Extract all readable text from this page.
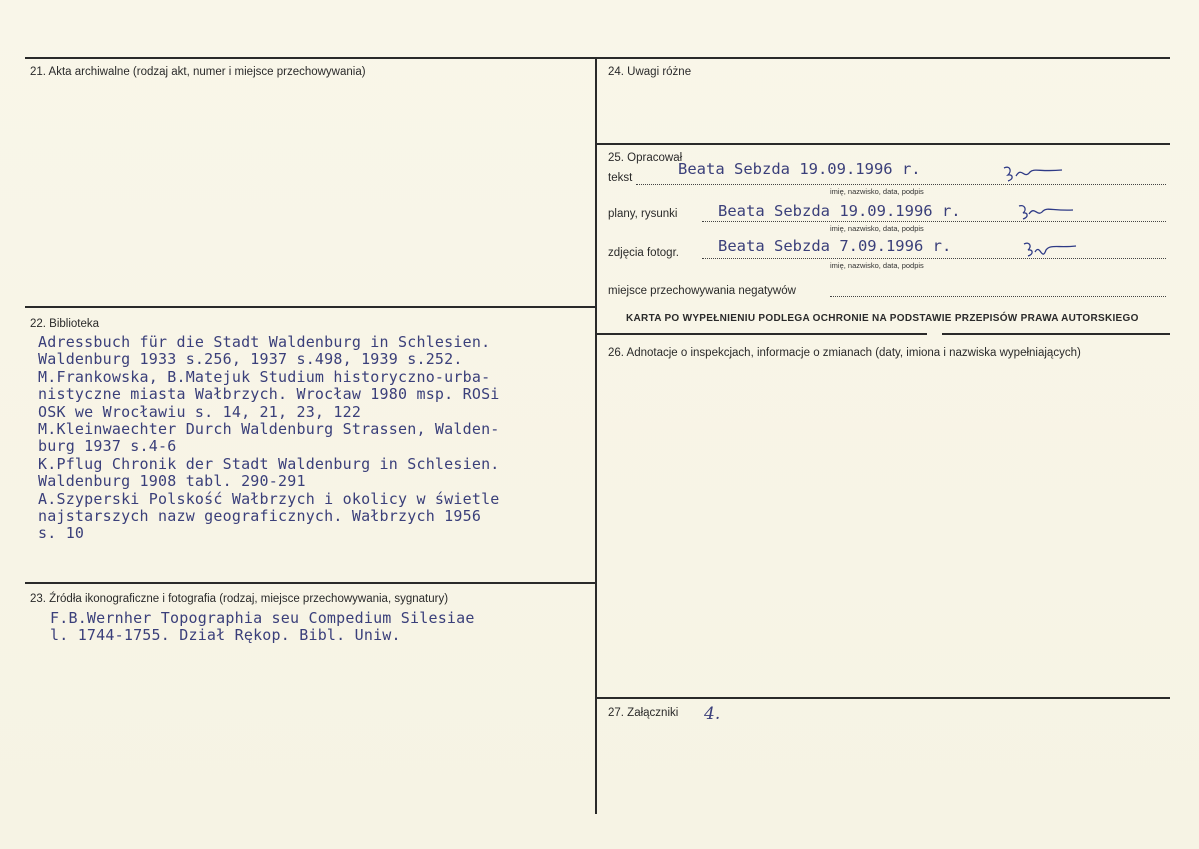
21. Akta archiwalne (rodzaj akt, numer i miejsce przechowywania)
22. Biblioteka
Adressbuch für die Stadt Waldenburg in Schlesien.
Waldenburg 1933 s.256, 1937 s.498, 1939 s.252.
M.Frankowska, B.Matejuk Studium historyczno-urba-
nistyczne miasta Wałbrzych. Wrocław 1980 msp. ROSi
OSK we Wrocławiu s. 14, 21, 23, 122
M.Kleinwaechter Durch Waldenburg Strassen, Walden-
burg 1937 s.4-6
K.Pflug Chronik der Stadt Waldenburg in Schlesien.
Waldenburg 1908 tabl. 290-291
A.Szyperski Polskość Wałbrzych i okolicy w świetle
najstarszych nazw geograficznych. Wałbrzych 1956
s. 10
23. Źródła ikonograficzne i fotografia (rodzaj, miejsce przechowywania, sygnatury)
F.B.Wernher Topographia seu Compedium Silesiae
l. 1744-1755. Dział Rękop. Bibl. Uniw.
24. Uwagi różne
25. Opracował
tekst	Beata Sebzda 19.09.1996 r.
imię, nazwisko, data, podpis
plany, rysunki	Beata Sebzda 19.09.1996 r.
imię, nazwisko, data, podpis
zdjęcia fotogr.	Beata Sebzda 7.09.1996 r.
imię, nazwisko, data, podpis
miejsce przechowywania negatywów
KARTA PO WYPEŁNIENIU PODLEGA OCHRONIE NA PODSTAWIE PRZEPISÓW PRAWA AUTORSKIEGO
26. Adnotacje o inspekcjach, informacje o zmianach (daty, imiona i nazwiska wypełniających)
27. Załączniki 4.
